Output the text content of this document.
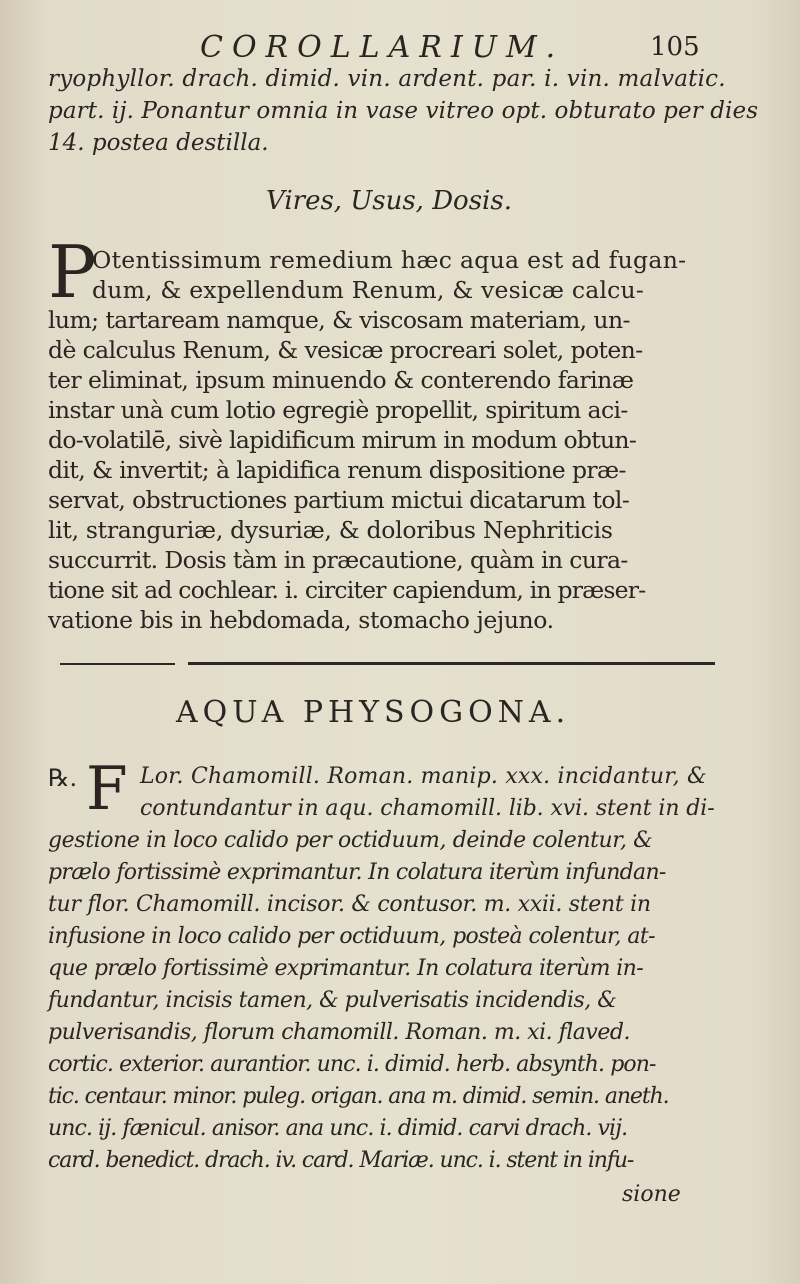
COROLLARIUM.	105
ryophyllor. drach. dimid. vin. ardent. par. i. vin. malvatic.
part. ij. Ponantur omnia in vase vitreo opt. obturato per dies
14. postea destilla.
Vires, Usus, Dosis.
P
Otentissimum remedium hæc aqua est ad fugan-
dum, & expellendum Renum, & vesicæ calcu-
lum; tartaream namque, & viscosam materiam, un-
dè calculus Renum, & vesicæ procreari solet, poten-
ter eliminat, ipsum minuendo & conterendo farinæ
instar unà cum lotio egregiè propellit, spiritum aci-
do-volatilē, sivè lapidificum mirum in modum obtun-
dit, & invertit; à lapidifica renum dispositione præ-
servat, obstructiones partium mictui dicatarum tol-
lit, stranguriæ, dysuriæ, & doloribus Nephriticis
succurrit. Dosis tàm in præcautione, quàm in cura-
tione sit ad cochlear. i. circiter capiendum, in præser-
vatione bis in hebdomada, stomacho jejuno.
AQUA PHYSOGONA.
℞. F Lor. Chamomill. Roman. manip. xxx. incidantur, &
contundantur in aqu. chamomill. lib. xvi. stent in di-
gestione in loco calido per octiduum, deinde colentur, &
prælo fortissimè exprimantur. In colatura iterùm infundan-
tur flor. Chamomill. incisor. & contusor. m. xxii. stent in
infusione in loco calido per octiduum, posteà colentur, at-
que prælo fortissimè exprimantur. In colatura iterùm in-
fundantur, incisis tamen, & pulverisatis incidendis, &
pulverisandis, florum chamomill. Roman. m. xi. flaved.
cortic. exterior. aurantior. unc. i. dimid. herb. absynth. pon-
tic. centaur. minor. puleg. origan. ana m. dimid. semin. aneth.
unc. ij. fænicul. anisor. ana unc. i. dimid. carvi drach. vij.
card. benedict. drach. iv. card. Mariæ. unc. i. stent in infu-
sione
